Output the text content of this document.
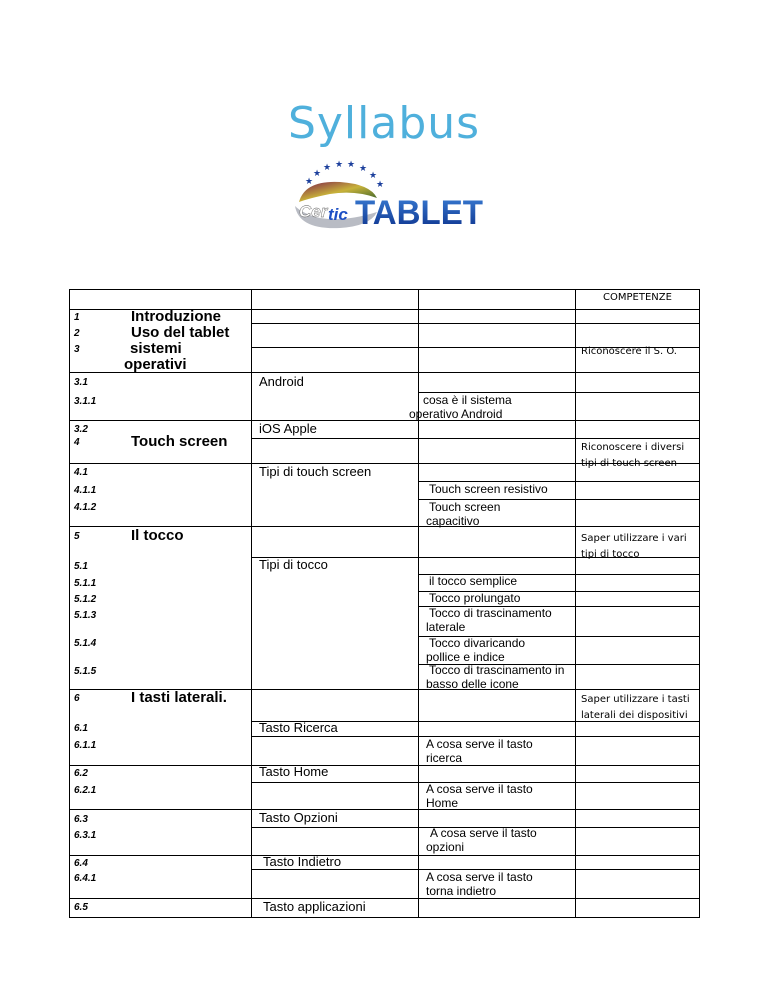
Syllabus
★
★
★ ★ ★ ★
★
★
Cer tic TABLET
COMPETENZE
1
2
3
3.1
3.1.1
3.2
4
4.1
4.1.1
4.1.2
5
5.1
5.1.1
5.1.2
5.1.3
5.1.4
5.1.5
6
6.1
6.1.1
6.2
6.2.1
6.3
6.3.1
6.4
6.4.1
6.5
Introduzione
Uso del tablet
sistemi operativi
Touch screen
Il tocco
I tasti laterali.
Android
iOS Apple
Tipi di touch screen
Tipi di tocco
Tasto Ricerca
Tasto Home
Tasto Opzioni
Tasto Indietro
Tasto applicazioni
cosa è il sistema operativo Android
Touch screen resistivo
Touch screen capacitivo
il tocco semplice
Tocco prolungato
Tocco di trascinamento laterale
Tocco divaricando pollice e indice
Tocco di trascinamento in basso delle icone
A cosa serve il tasto ricerca
A cosa serve il tasto Home
A cosa serve il tasto opzioni
A cosa serve il tasto torna indietro
Riconoscere il S. O.
Riconoscere i diversi tipi di touch screen
Saper utilizzare i vari tipi di tocco
Saper utilizzare i tasti laterali dei dispositivi
